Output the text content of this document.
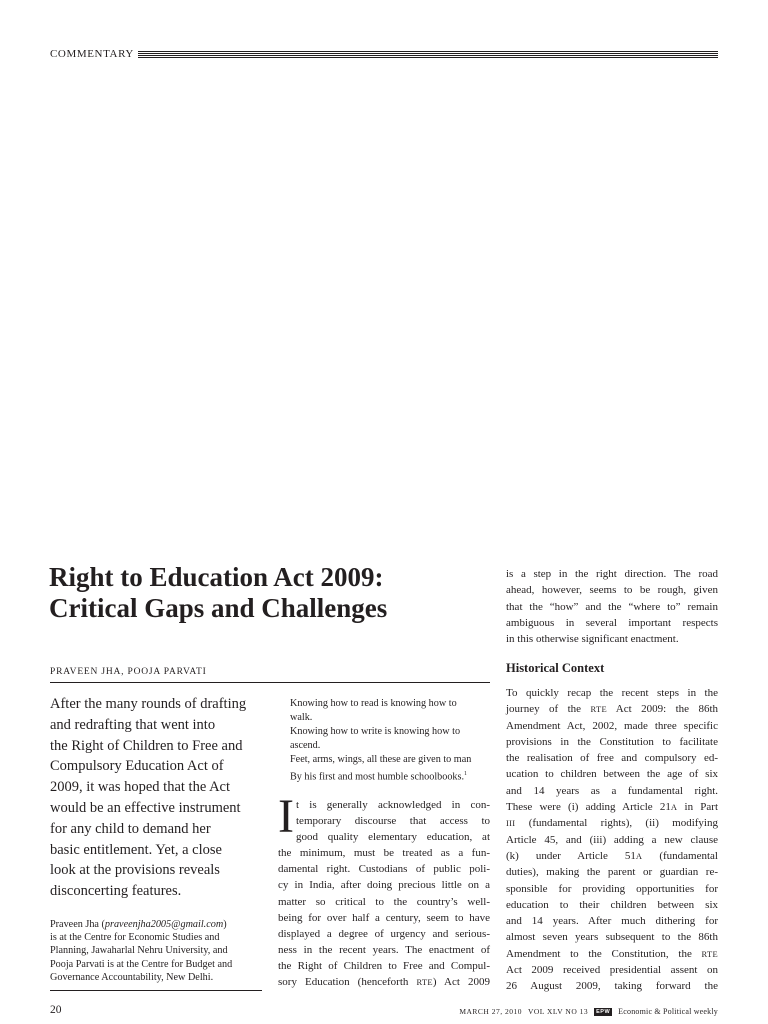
COMMENTARY
Right to Education Act 2009:
Critical Gaps and Challenges
PRAVEEN JHA, POOJA PARVATI
After the many rounds of drafting
and redrafting that went into
the Right of Children to Free and
Compulsory Education Act of
2009, it was hoped that the Act
would be an effective instrument
for any child to demand her
basic entitlement. Yet, a close
look at the provisions reveals
disconcerting features.
Praveen Jha (praveenjha2005@gmail.com)
is at the Centre for Economic Studies and
Planning, Jawaharlal Nehru University, and
Pooja Parvati is at the Centre for Budget and
Governance Accountability, New Delhi.
Knowing how to read is knowing how to
walk.
Knowing how to write is knowing how to
ascend.
Feet, arms, wings, all these are given to man
By his first and most humble schoolbooks.$^1$
I t is generally acknowledged in con-
temporary discourse that access to
good quality elementary education, at
the minimum, must be treated as a fun-
damental right. Custodians of public poli-
cy in India, after doing precious little on a
matter so critical to the country’s well-
being for over half a century, seem to have
displayed a degree of urgency and serious-
ness in the recent years. The enactment of
the Right of Children to Free and Compul-
sory Education (henceforth RTE) Act 2009
is a step in the right direction. The road
ahead, however, seems to be rough, given
that the “how” and the “where to” remain
ambiguous in several important respects
in this otherwise significant enactment.
Historical Context
To quickly recap the recent steps in the
journey of the RTE Act 2009: the 86th
Amendment Act, 2002, made three specific
provisions in the Constitution to facilitate
the realisation of free and compulsory ed-
ucation to children between the age of six
and 14 years as a fundamental right.
These were (i) adding Article 21A in Part
III (fundamental rights), (ii) modifying
Article 45, and (iii) adding a new clause
(k) under Article 51A (fundamental
duties), making the parent or guardian re-
sponsible for providing opportunities for
education to their children between six
and 14 years. After much dithering for
almost seven years subsequent to the 86th
Amendment to the Constitution, the RTE
Act 2009 received presidential assent on
26 August 2009, taking forward the
20	MARCH 27, 2010 VOL XLV NO 13	EPW Economic & Political weekly
